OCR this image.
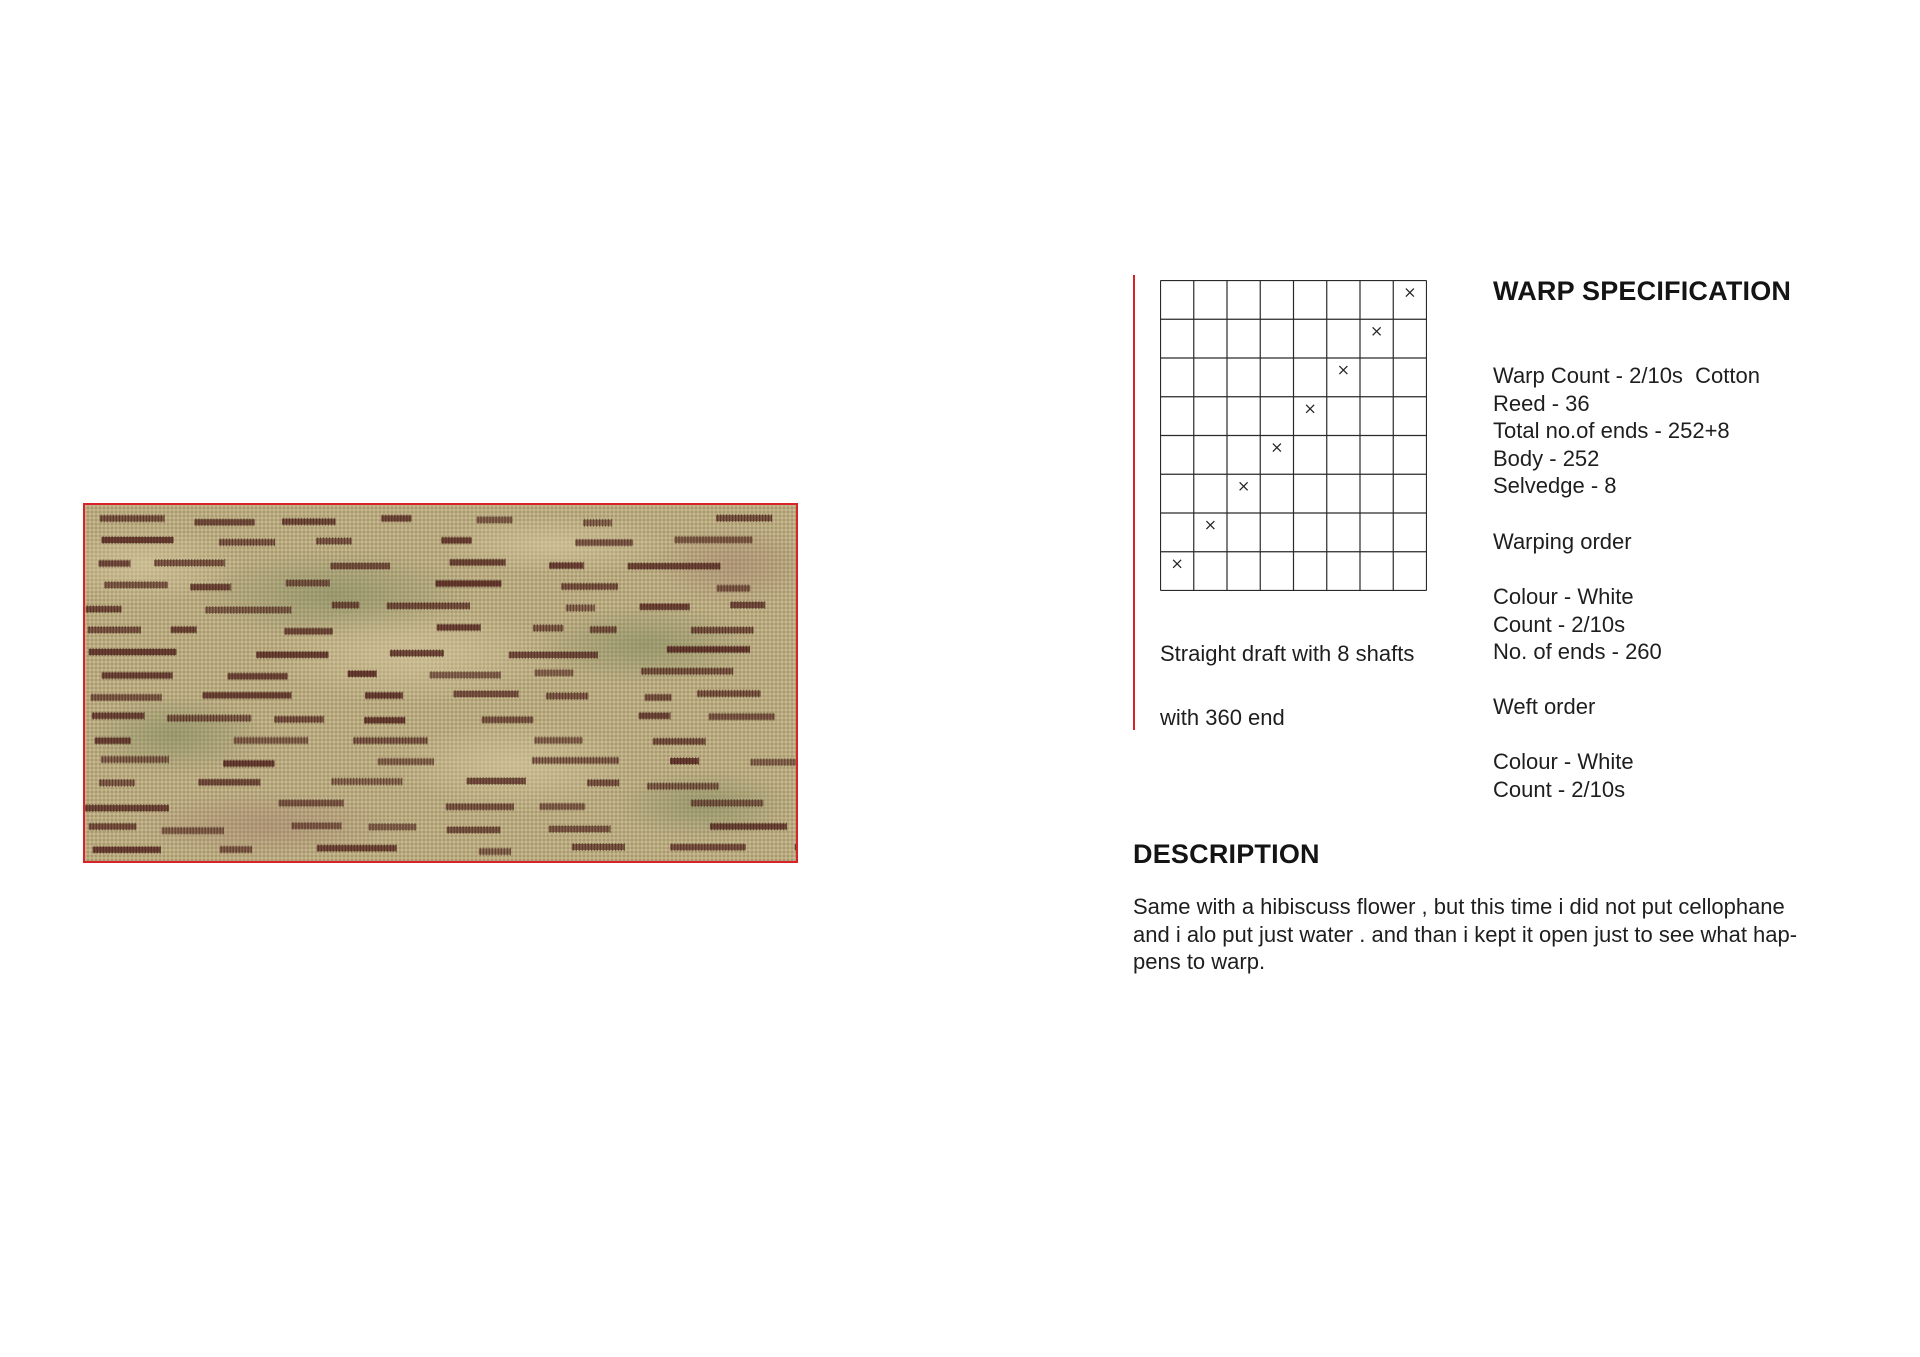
Straight draft with 8 shafts
with 360 end
WARP SPECIFICATION
Warp Count - 2/10s  Cotton
Reed - 36
Total no.of ends - 252+8
Body - 252
Selvedge - 8
Warping order
Colour - White
Count - 2/10s
No. of ends - 260
Weft order
Colour - White
Count - 2/10s
DESCRIPTION
Same with a hibiscuss flower , but this time i did not put cellophane
and i alo put just water . and than i kept it open just to see what hap-
pens to warp.
